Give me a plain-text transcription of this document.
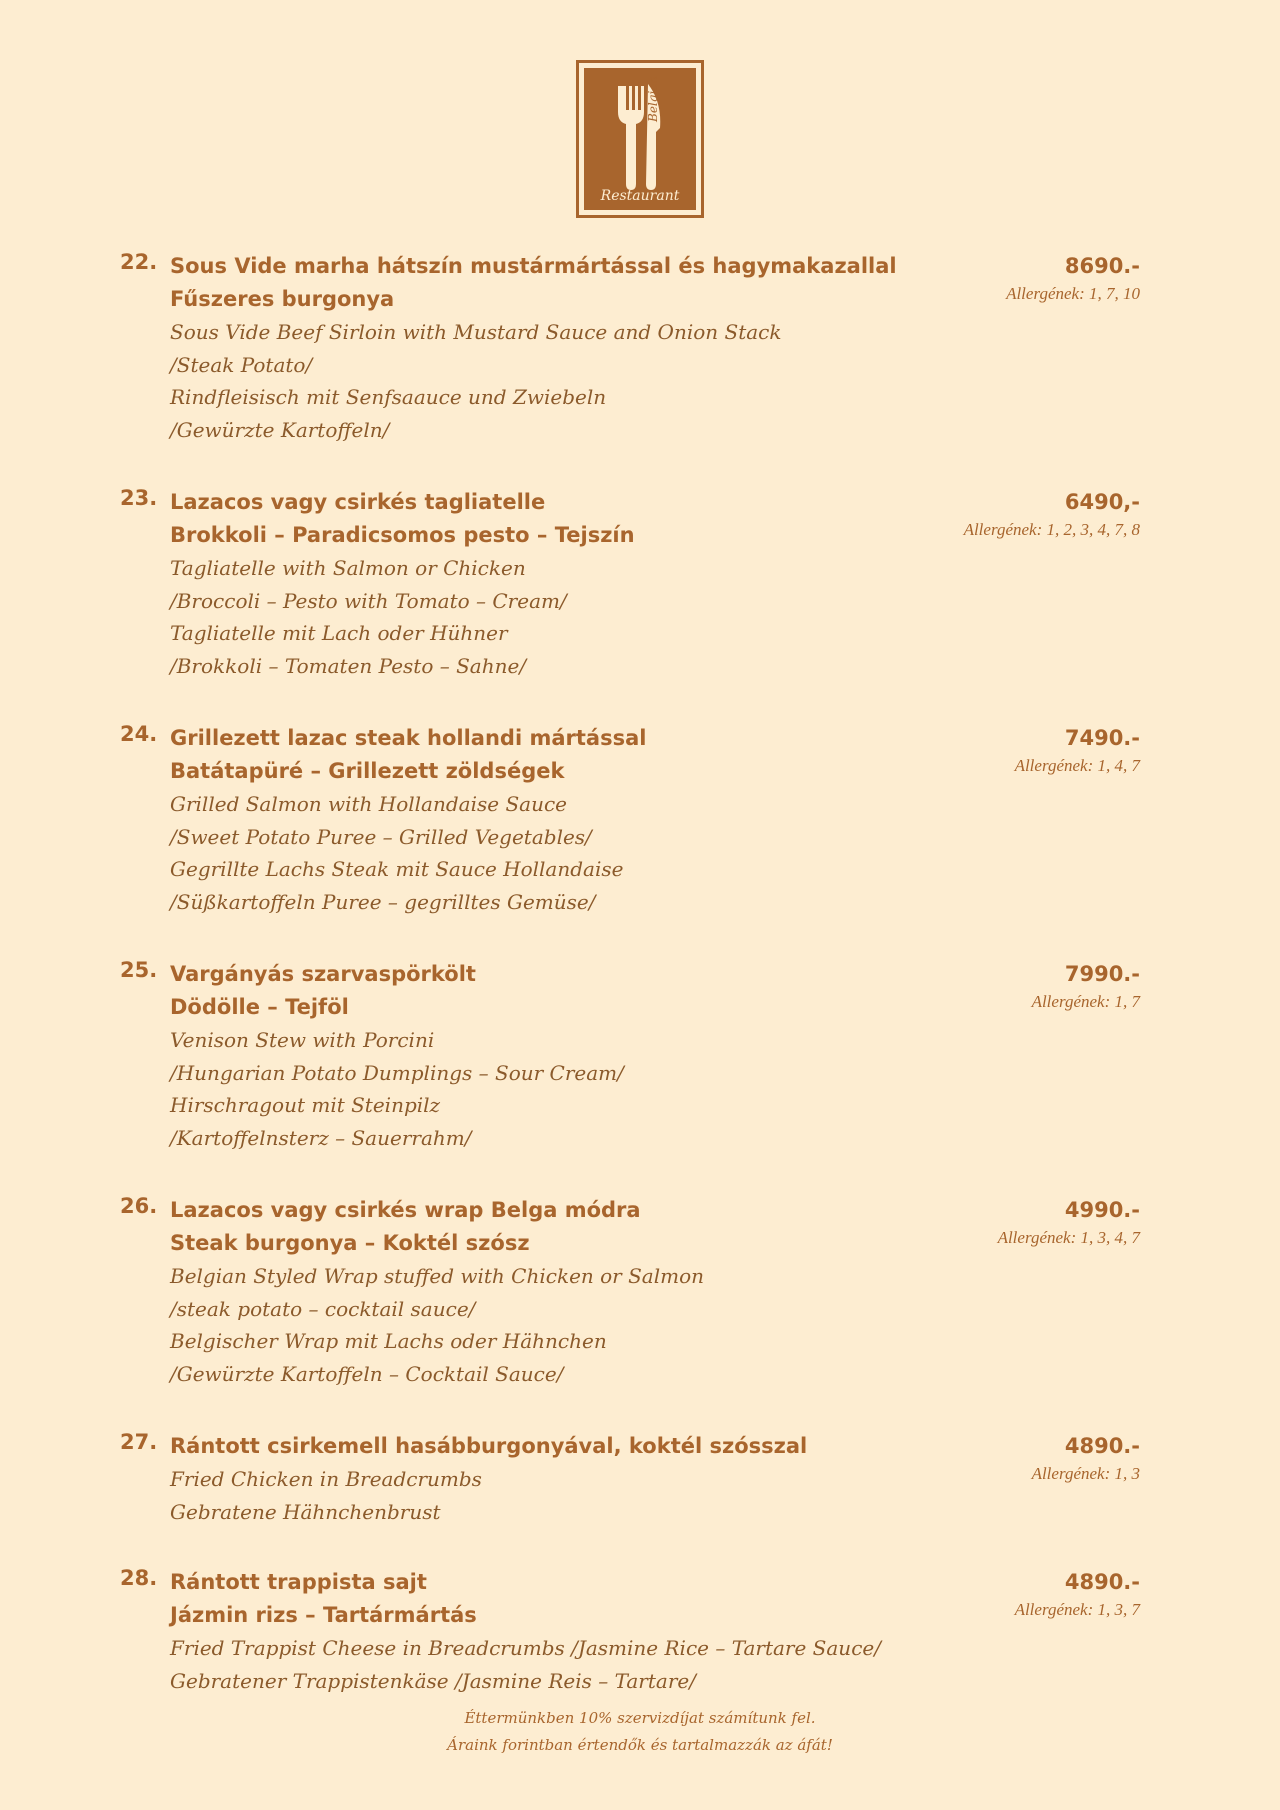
Belgian
Restaurant
22. Sous Vide marha hátszín mustármártással és hagymakazallal
Fűszeres burgonya
Sous Vide Beef Sirloin with Mustard Sauce and Onion Stack
/Steak Potato/
Rindfleisisch mit Senfsaauce und Zwiebeln
/Gewürzte Kartoffeln/
8690.-
Allergének: 1, 7, 10
23. Lazacos vagy csirkés tagliatelle
Brokkoli – Paradicsomos pesto – Tejszín
Tagliatelle with Salmon or Chicken
/Broccoli – Pesto with Tomato – Cream/
Tagliatelle mit Lach oder Hühner
/Brokkoli – Tomaten Pesto – Sahne/
6490,-
Allergének: 1, 2, 3, 4, 7, 8
24. Grillezett lazac steak hollandi mártással
Batátapüré – Grillezett zöldségek
Grilled Salmon with Hollandaise Sauce
/Sweet Potato Puree – Grilled Vegetables/
Gegrillte Lachs Steak mit Sauce Hollandaise
/Süßkartoffeln Puree – gegrilltes Gemüse/
7490.-
Allergének: 1, 4, 7
25. Vargányás szarvaspörkölt
Dödölle – Tejföl
Venison Stew with Porcini
/Hungarian Potato Dumplings – Sour Cream/
Hirschragout mit Steinpilz
/Kartoffelnsterz – Sauerrahm/
7990.-
Allergének: 1, 7
26. Lazacos vagy csirkés wrap Belga módra
Steak burgonya – Koktél szósz
Belgian Styled Wrap stuffed with Chicken or Salmon
/steak potato – cocktail sauce/
Belgischer Wrap mit Lachs oder Hähnchen
/Gewürzte Kartoffeln – Cocktail Sauce/
4990.-
Allergének: 1, 3, 4, 7
27. Rántott csirkemell hasábburgonyával, koktél szósszal
Fried Chicken in Breadcrumbs
Gebratene Hähnchenbrust
4890.-
Allergének: 1, 3
28. Rántott trappista sajt
Jázmin rizs – Tartármártás
Fried Trappist Cheese in Breadcrumbs /Jasmine Rice – Tartare Sauce/
Gebratener Trappistenkäse /Jasmine Reis – Tartare/
4890.-
Allergének: 1, 3, 7
Éttermünkben 10% szervizdíjat számítunk fel.
Áraink forintban értendők és tartalmazzák az áfát!
